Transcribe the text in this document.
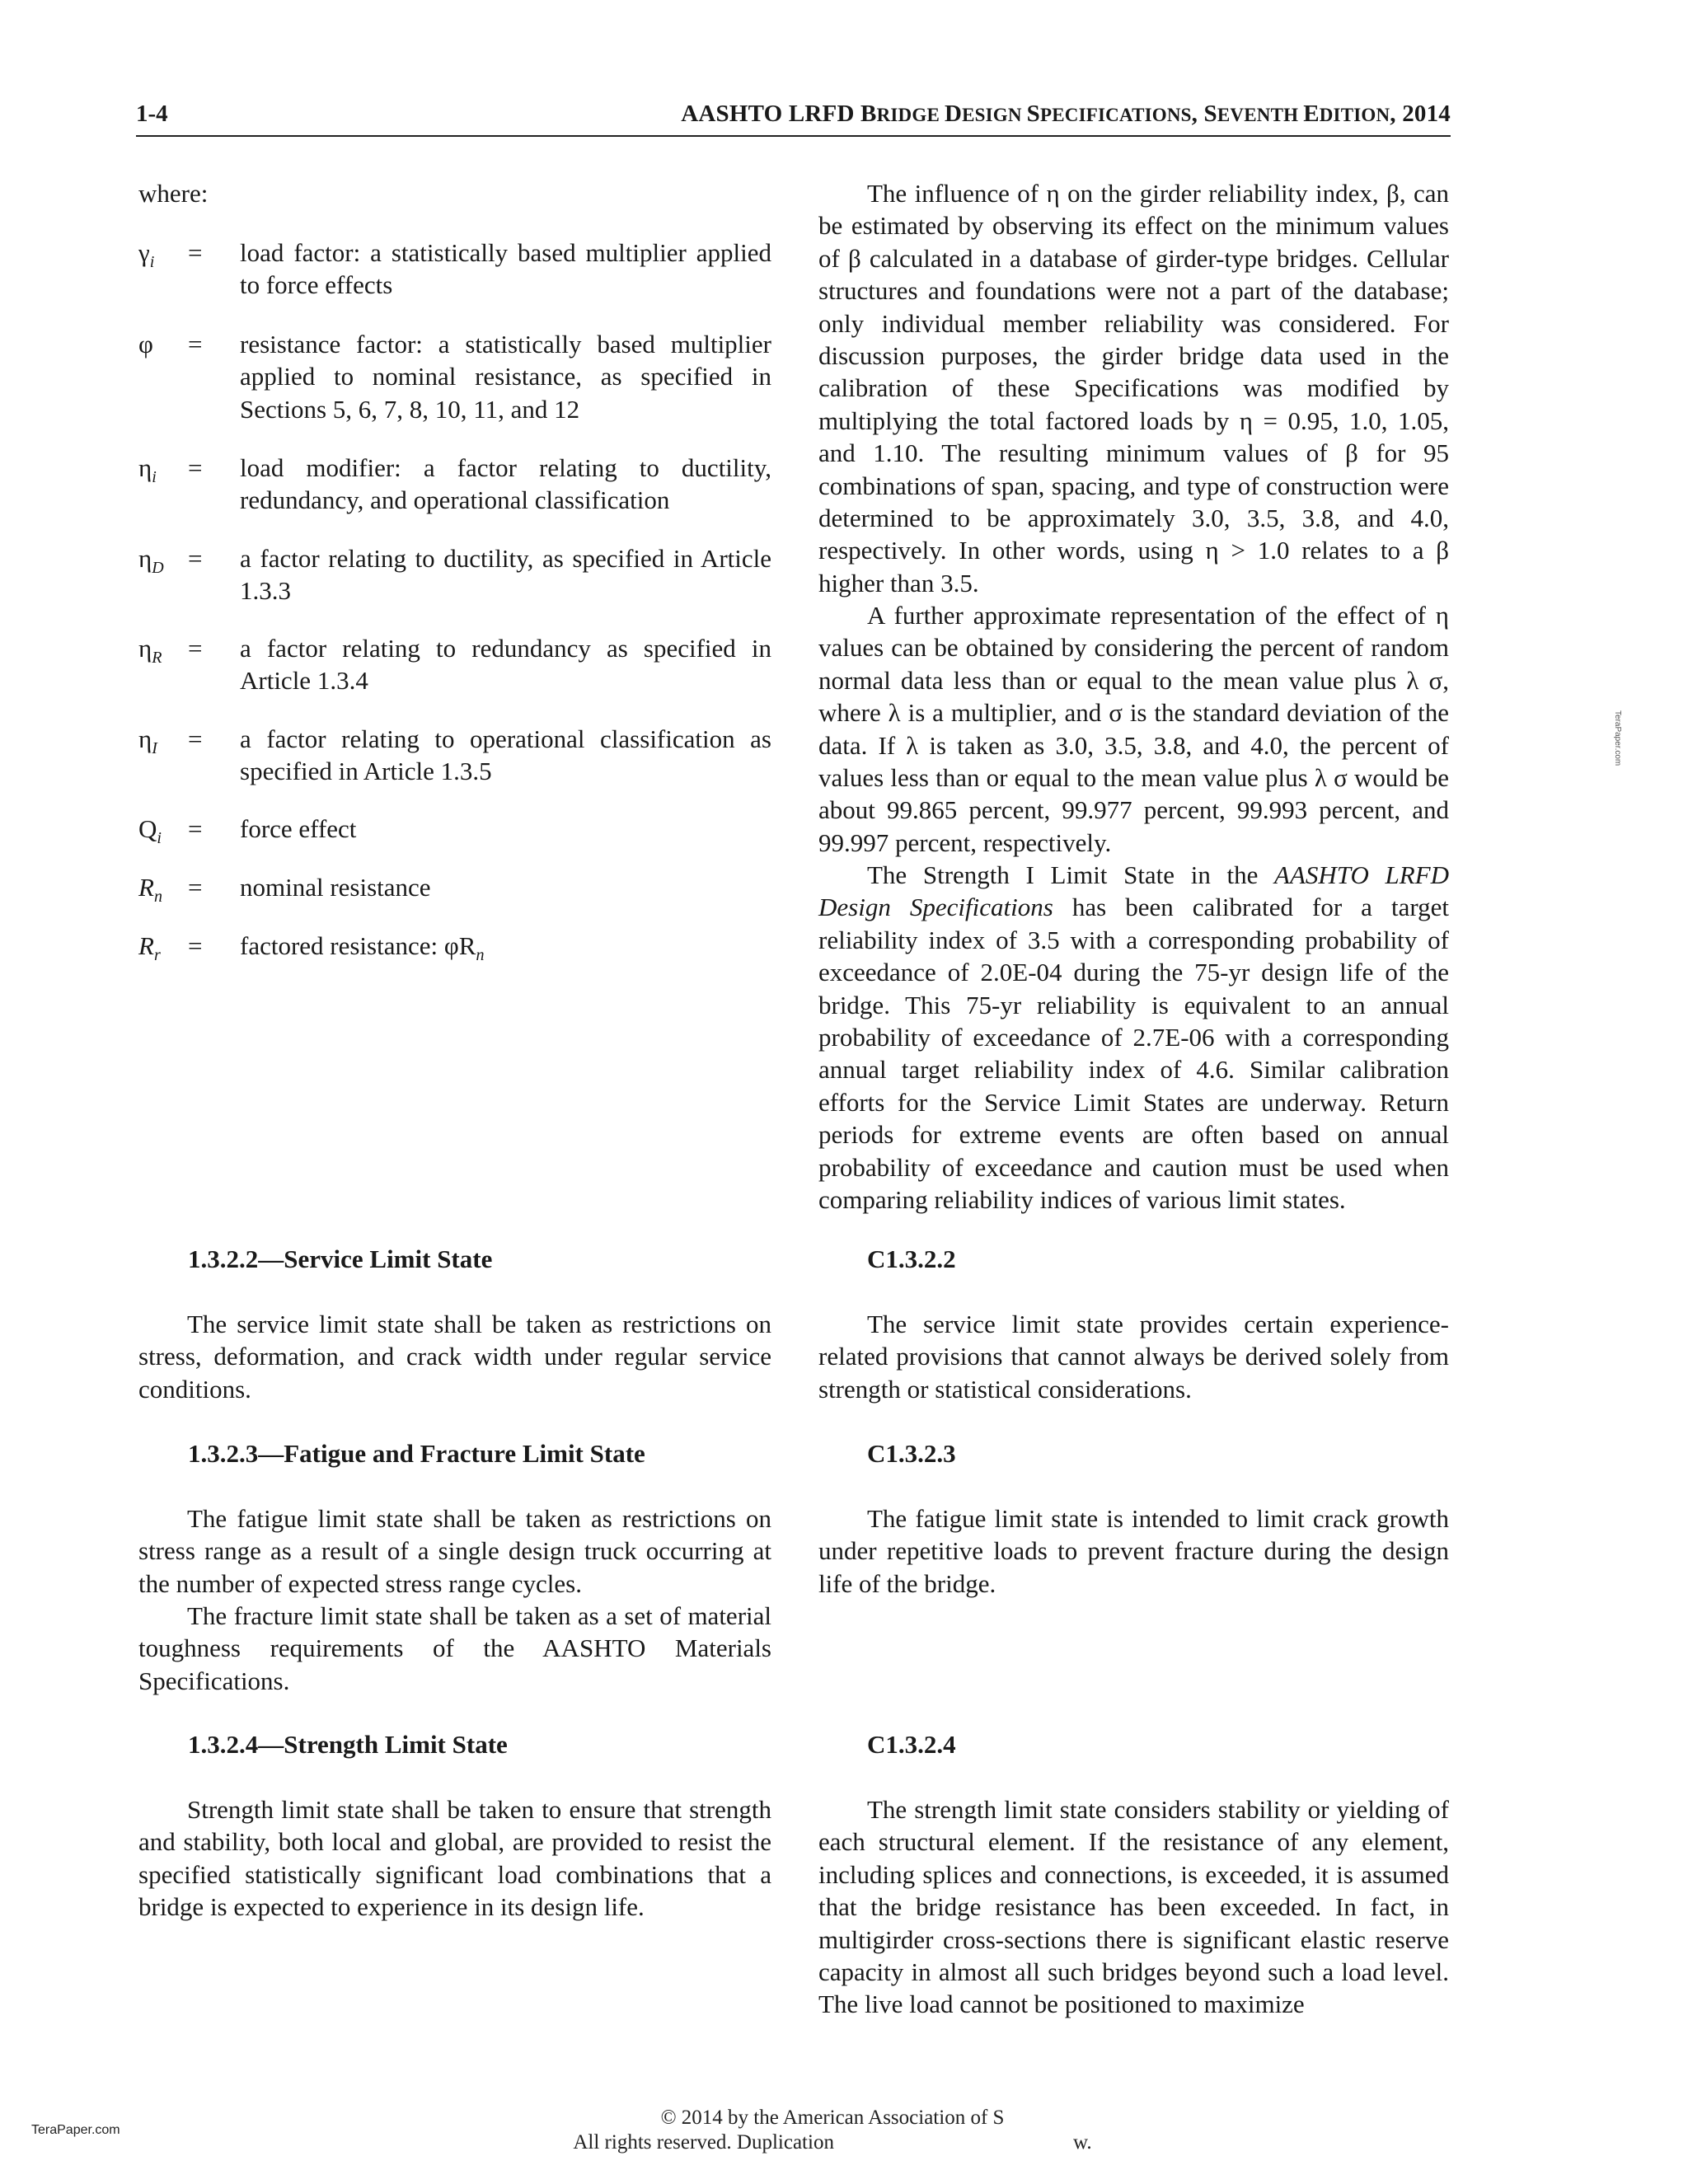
1-4	AASHTO LRFD BRIDGE DESIGN SPECIFICATIONS, SEVENTH EDITION, 2014

where:

$\gamma_i$	= load factor: a statistically based multiplier applied to force effects
φ	= resistance factor: a statistically based multiplier applied to nominal resistance, as specified in Sections 5, 6, 7, 8, 10, 11, and 12
$\eta_i$	= load modifier: a factor relating to ductility, redundancy, and operational classification
$\eta_D = a$ factor relating to ductility, as specified in Article 1.3.3
$\eta_R$	= a factor relating to redundancy as specified in Article 1.3.4
$\eta_I$	= a factor relating to operational classification as specified in Article 1.3.5
$Q_i$	= force effect
$R_n$	= nominal resistance
$R_r$	= factored resistance: $\varphi R_n$
1.3.2.2—Service Limit State

The service limit state shall be taken as restrictions on stress, deformation, and crack width under regular service conditions.

1.3.2.3—Fatigue and Fracture Limit State

The fatigue limit state shall be taken as restrictions on stress range as a result of a single design truck occurring at the number of expected stress range cycles.

The fracture limit state shall be taken as a set of material toughness requirements of the AASHTO Materials Specifications.

1.3.2.4—Strength Limit State

Strength limit state shall be taken to ensure that strength and stability, both local and global, are provided to resist the specified statistically significant load combinations that a bridge is expected to experience in its design life.

The influence of η on the girder reliability index, β, can be estimated by observing its effect on the minimum values of β calculated in a database of girder-type bridges. Cellular structures and foundations were not a part of the database; only individual member reliability was considered. For discussion purposes, the girder bridge data used in the calibration of these Specifications was modified by multiplying the total factored loads by η = 0.95, 1.0, 1.05, and 1.10. The resulting minimum values of β for 95 combinations of span, spacing, and type of construction were determined to be approximately 3.0, 3.5, 3.8, and 4.0, respectively. In other words, using η > 1.0 relates to a β higher than 3.5.

A further approximate representation of the effect of η values can be obtained by considering the percent of random normal data less than or equal to the mean value plus λ σ, where λ is a multiplier, and σ is the standard deviation of the data. If λ is taken as 3.0, 3.5, 3.8, and 4.0, the percent of values less than or equal to the mean value plus λ σ would be about 99.865 percent, 99.977 percent, 99.993 percent, and 99.997 percent, respectively.

The Strength I Limit State in the AASHTO LRFD Design Specifications has been calibrated for a target reliability index of 3.5 with a corresponding probability of exceedance of 2.0E-04 during the 75-yr design life of the bridge. This 75-yr reliability is equivalent to an annual probability of exceedance of 2.7E-06 with a corresponding annual target reliability index of 4.6. Similar calibration efforts for the Service Limit States are underway. Return periods for extreme events are often based on annual probability of exceedance and caution must be used when comparing reliability indices of various limit states.

C1.3.2.2

The service limit state provides certain experience-related provisions that cannot always be derived solely from strength or statistical considerations.

C1.3.2.3

The fatigue limit state is intended to limit crack growth under repetitive loads to prevent fracture during the design life of the bridge.

C1.3.2.4

The strength limit state considers stability or yielding of each structural element. If the resistance of any element, including splices and connections, is exceeded, it is assumed that the bridge resistance has been exceeded. In fact, in multigirder cross-sections there is significant elastic reserve capacity in almost all such bridges beyond such a load level. The live load cannot be positioned to maximize

TeraPaper.com
TeraPaper.com
© 2014 by the American Association of S
All rights reserved. Duplication	w.
